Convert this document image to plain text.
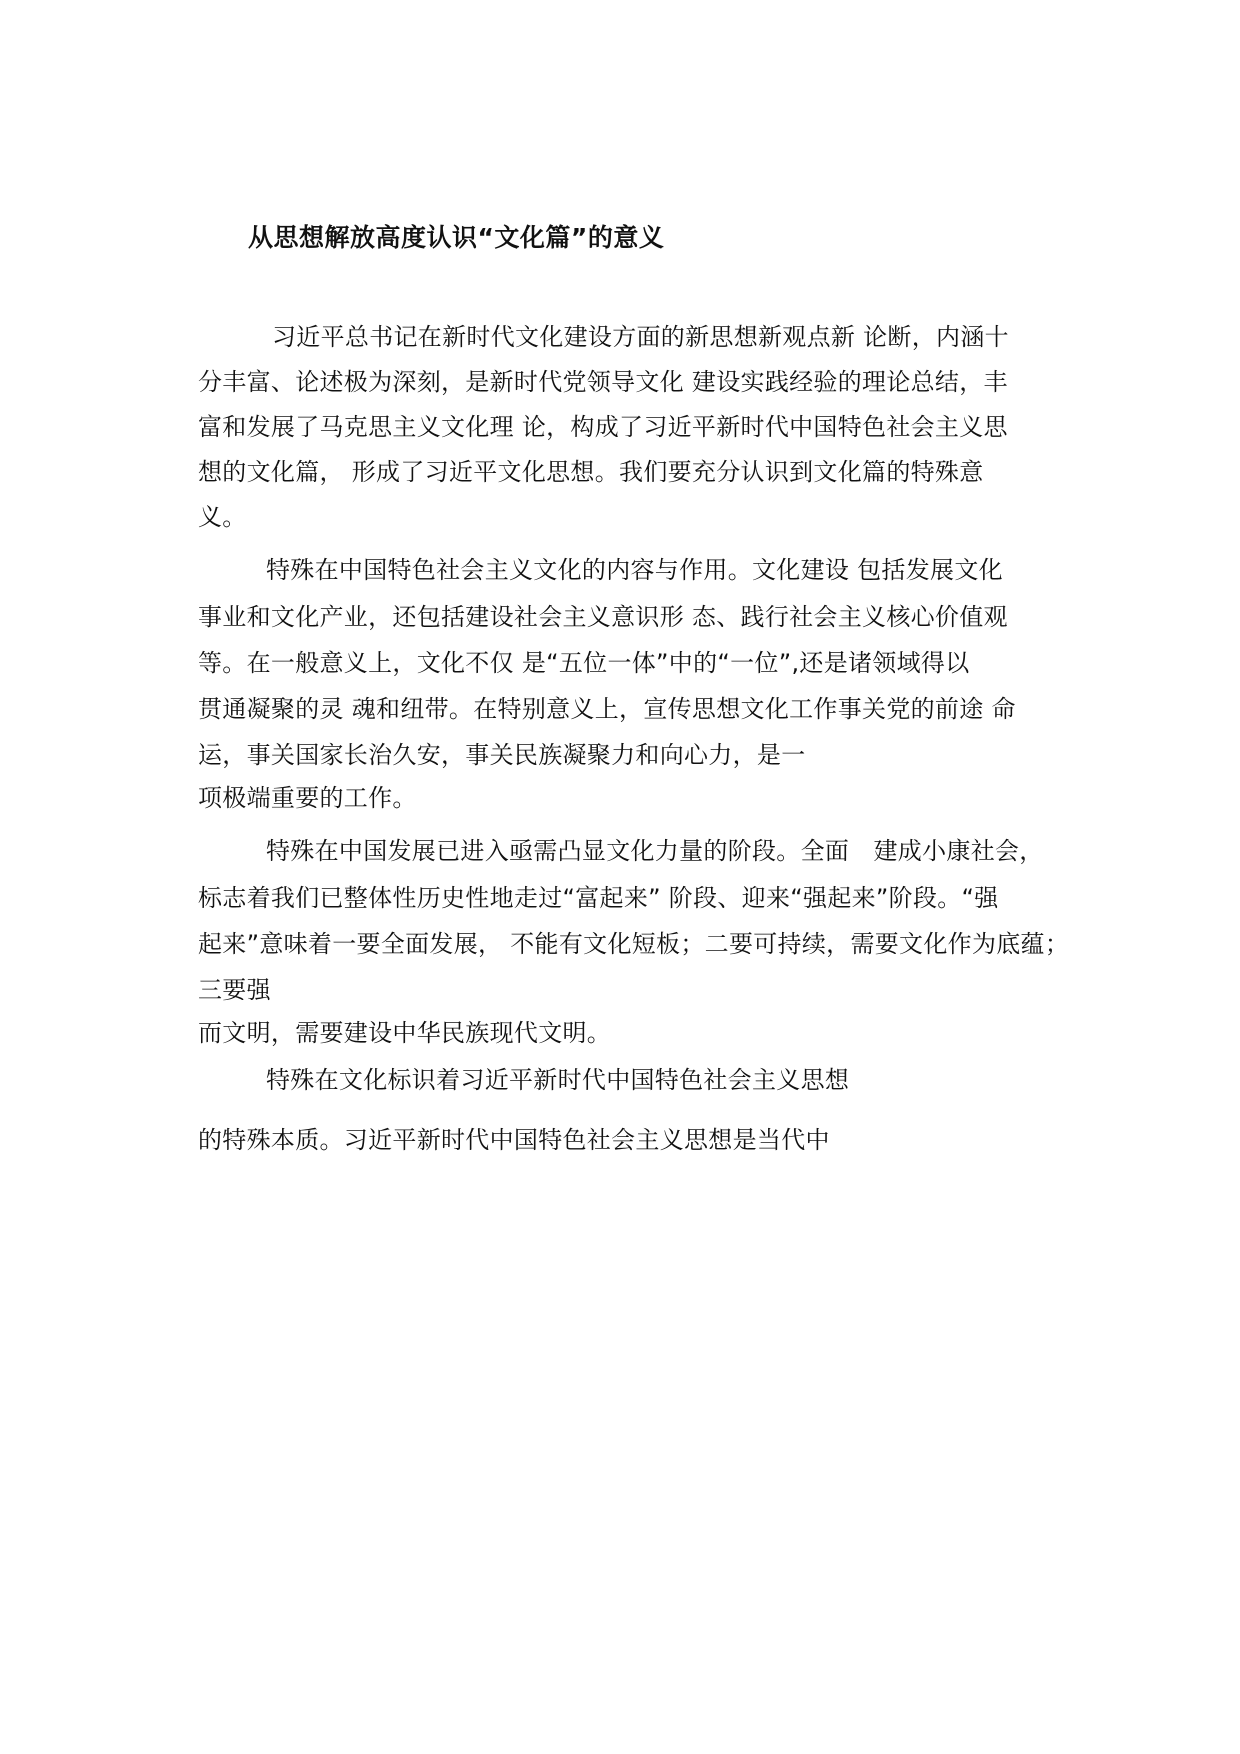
从思想解放高度认识“文化篇”的意义
习近平总书记在新时代文化建设方面的新思想新观点新 论断，内涵十
分丰富、论述极为深刻，是新时代党领导文化 建设实践经验的理论总结，丰
富和发展了马克思主义文化理 论，构成了习近平新时代中国特色社会主义思
想的文化篇， 形成了习近平文化思想。我们要充分认识到文化篇的特殊意
义。
特殊在中国特色社会主义文化的内容与作用。文化建设 包括发展文化
事业和文化产业，还包括建设社会主义意识形 态、践行社会主义核心价值观
等。在一般意义上，文化不仅 是“五位一体”中的“一位”,还是诸领域得以
贯通凝聚的灵 魂和纽带。在特别意义上，宣传思想文化工作事关党的前途 命
运，事关国家长治久安，事关民族凝聚力和向心力，是一
项极端重要的工作。
特殊在中国发展已进入亟需凸显文化力量的阶段。全面　建成小康社会，
标志着我们已整体性历史性地走过“富起来” 阶段、迎来“强起来”阶段。“强
起来”意味着一要全面发展， 不能有文化短板；二要可持续，需要文化作为底蕴；
三要强
而文明，需要建设中华民族现代文明。
特殊在文化标识着习近平新时代中国特色社会主义思想
的特殊本质。习近平新时代中国特色社会主义思想是当代中
